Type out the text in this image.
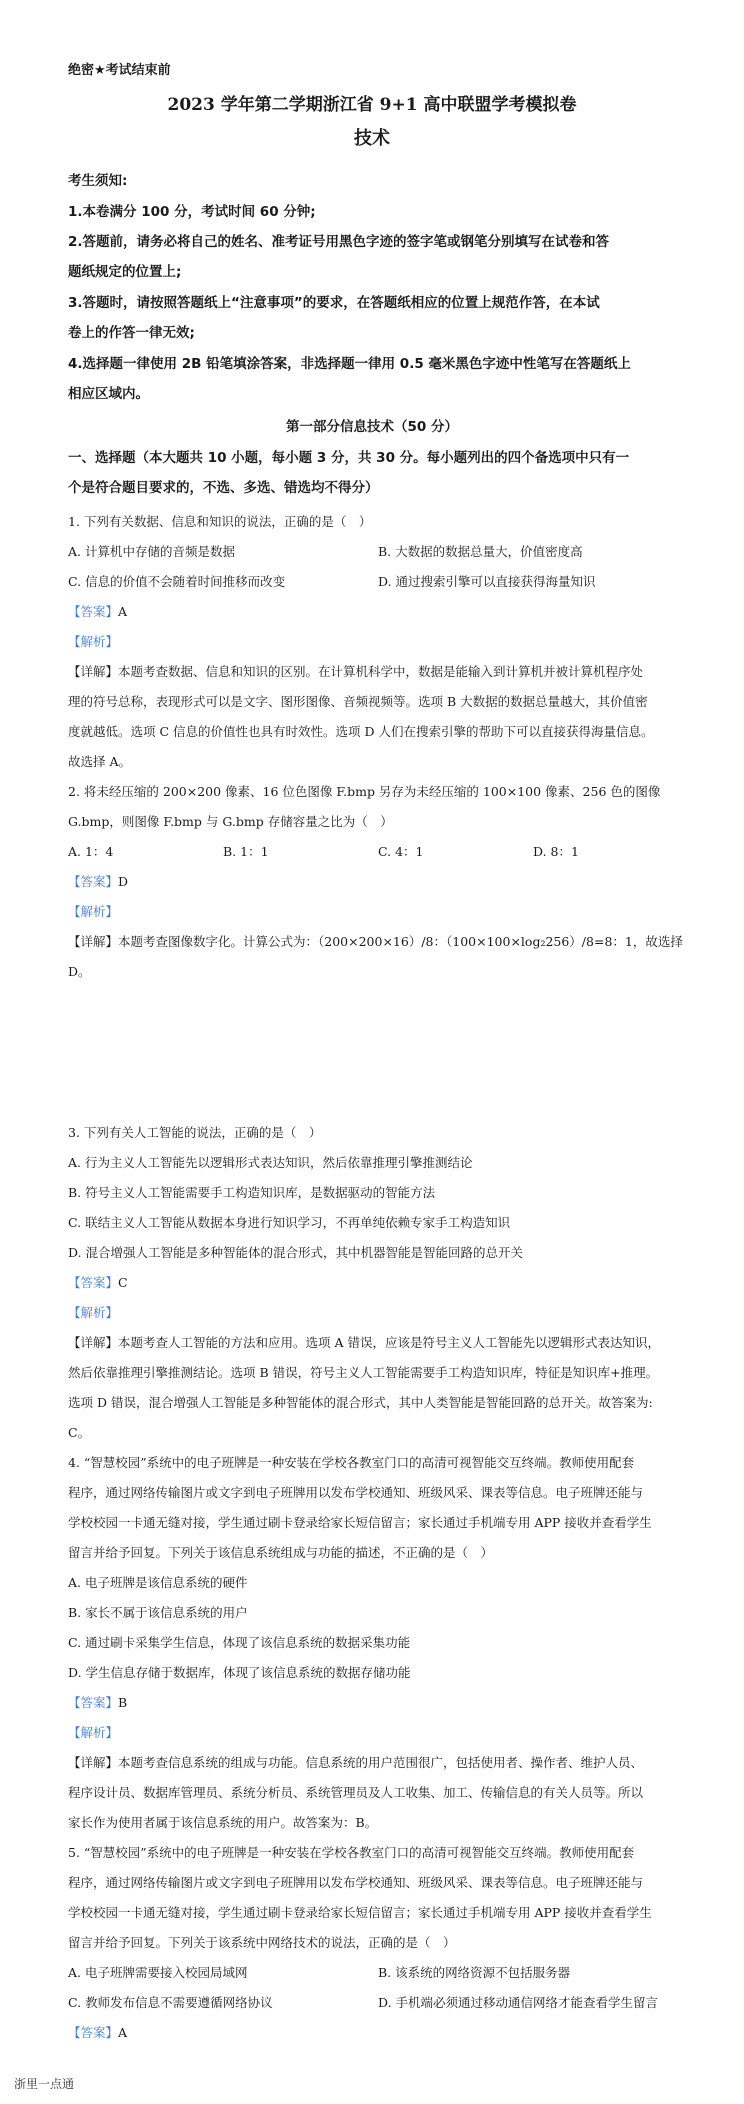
绝密★考试结束前
2023 学年第二学期浙江省 9+1 高中联盟学考模拟卷
技术
考生须知:
1.本卷满分 100 分，考试时间 60 分钟;
2.答题前，请务必将自己的姓名、准考证号用黑色字迹的签字笔或钢笔分别填写在试卷和答
题纸规定的位置上;
3.答题时，请按照答题纸上“注意事项”的要求，在答题纸相应的位置上规范作答，在本试
卷上的作答一律无效;
4.选择题一律使用 2B 铅笔填涂答案，非选择题一律用 0.5 毫米黑色字迹中性笔写在答题纸上
相应区域内。
第一部分信息技术（50 分）
一、选择题（本大题共 10 小题，每小题 3 分，共 30 分。每小题列出的四个备选项中只有一
个是符合题目要求的，不选、多选、错选均不得分）
1. 下列有关数据、信息和知识的说法，正确的是（　）
A. 计算机中存储的音频是数据	B. 大数据的数据总量大，价值密度高
C. 信息的价值不会随着时间推移而改变	D. 通过搜索引擎可以直接获得海量知识
【答案】A
【解析】
【详解】本题考查数据、信息和知识的区别。在计算机科学中，数据是能输入到计算机并被计算机程序处
理的符号总称，表现形式可以是文字、图形图像、音频视频等。选项 B 大数据的数据总量越大，其价值密
度就越低。选项 C 信息的价值性也具有时效性。选项 D 人们在搜索引擎的帮助下可以直接获得海量信息。
故选择 A。
2. 将未经压缩的 200×200 像素、16 位色图像 F.bmp 另存为未经压缩的 100×100 像素、256 色的图像
G.bmp，则图像 F.bmp 与 G.bmp 存储容量之比为（　）
A. 1：4	B. 1：1	C. 4：1	D. 8：1
【答案】D
【解析】
【详解】本题考查图像数字化。计算公式为：（200×200×16）/8：（100×100×log₂256）/8=8：1，故选择
D。
3. 下列有关人工智能的说法，正确的是（　）
A. 行为主义人工智能先以逻辑形式表达知识，然后依靠推理引擎推测结论
B. 符号主义人工智能需要手工构造知识库，是数据驱动的智能方法
C. 联结主义人工智能从数据本身进行知识学习，不再单纯依赖专家手工构造知识
D. 混合增强人工智能是多种智能体的混合形式，其中机器智能是智能回路的总开关
【答案】C
【解析】
【详解】本题考查人工智能的方法和应用。选项 A 错误，应该是符号主义人工智能先以逻辑形式表达知识，
然后依靠推理引擎推测结论。选项 B 错误，符号主义人工智能需要手工构造知识库，特征是知识库+推理。
选项 D 错误，混合增强人工智能是多种智能体的混合形式，其中人类智能是智能回路的总开关。故答案为:
C。
4. “智慧校园”系统中的电子班牌是一种安装在学校各教室门口的高清可视智能交互终端。教师使用配套
程序，通过网络传输图片或文字到电子班牌用以发布学校通知、班级风采、课表等信息。电子班牌还能与
学校校园一卡通无缝对接，学生通过刷卡登录给家长短信留言；家长通过手机端专用 APP 接收并查看学生
留言并给予回复。下列关于该信息系统组成与功能的描述，不正确的是（　）
A. 电子班牌是该信息系统的硬件
B. 家长不属于该信息系统的用户
C. 通过刷卡采集学生信息，体现了该信息系统的数据采集功能
D. 学生信息存储于数据库，体现了该信息系统的数据存储功能
【答案】B
【解析】
【详解】本题考查信息系统的组成与功能。信息系统的用户范围很广，包括使用者、操作者、维护人员、
程序设计员、数据库管理员、系统分析员、系统管理员及人工收集、加工、传输信息的有关人员等。所以
家长作为使用者属于该信息系统的用户。故答案为：B。
5. “智慧校园”系统中的电子班牌是一种安装在学校各教室门口的高清可视智能交互终端。教师使用配套
程序，通过网络传输图片或文字到电子班牌用以发布学校通知、班级风采、课表等信息。电子班牌还能与
学校校园一卡通无缝对接，学生通过刷卡登录给家长短信留言；家长通过手机端专用 APP 接收并查看学生
留言并给予回复。下列关于该系统中网络技术的说法，正确的是（　）
A. 电子班牌需要接入校园局域网	B. 该系统的网络资源不包括服务器
C. 教师发布信息不需要遵循网络协议	D. 手机端必须通过移动通信网络才能查看学生留言
【答案】A
浙里一点通
